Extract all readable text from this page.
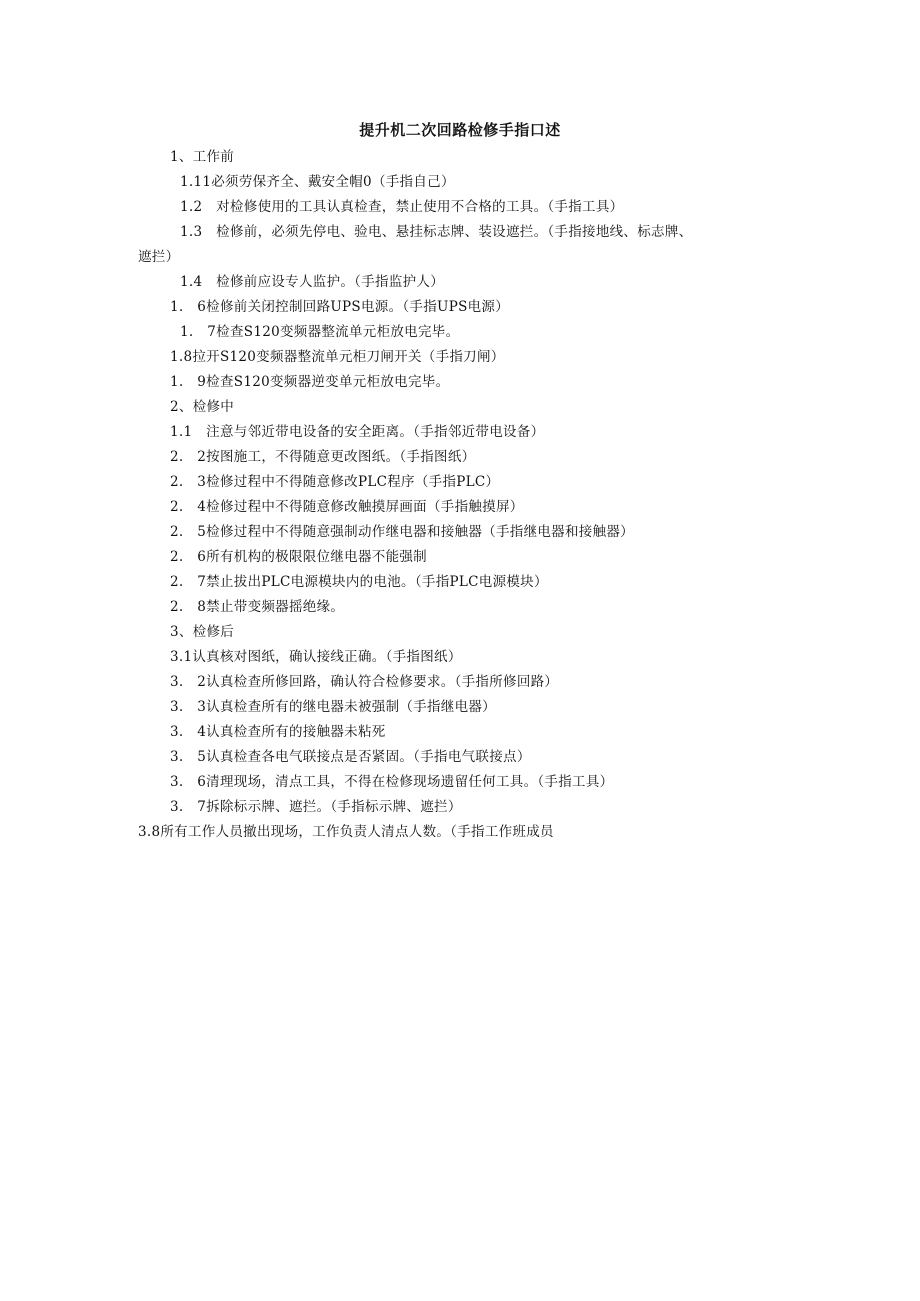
提升机二次回路检修手指口述
1、工作前
1.11必须劳保齐全、戴安全帽0（手指自己）
1.2　对检修使用的工具认真检查，禁止使用不合格的工具。（手指工具）
1.3　检修前，必须先停电、验电、悬挂标志牌、装设遮拦。（手指接地线、标志牌、
遮拦）
1.4　检修前应设专人监护。（手指监护人）
1.　6检修前关闭控制回路UPS电源。（手指UPS电源）
1.　7检查S120变频器整流单元柜放电完毕。
1.8拉开S120变频器整流单元柜刀闸开关（手指刀闸）
1.　9检查S120变频器逆变单元柜放电完毕。
2、检修中
1.1　注意与邻近带电设备的安全距离。（手指邻近带电设备）
2.　2按图施工，不得随意更改图纸。（手指图纸）
2.　3检修过程中不得随意修改PLC程序（手指PLC）
2.　4检修过程中不得随意修改触摸屏画面（手指触摸屏）
2.　5检修过程中不得随意强制动作继电器和接触器（手指继电器和接触器）
2.　6所有机构的极限限位继电器不能强制
2.　7禁止拔出PLC电源模块内的电池。（手指PLC电源模块）
2.　8禁止带变频器摇绝缘。
3、检修后
3.1认真核对图纸，确认接线正确。（手指图纸）
3.　2认真检查所修回路，确认符合检修要求。（手指所修回路）
3.　3认真检查所有的继电器未被强制（手指继电器）
3.　4认真检查所有的接触器未粘死
3.　5认真检查各电气联接点是否紧固。（手指电气联接点）
3.　6清理现场，清点工具，不得在检修现场遗留任何工具。（手指工具）
3.　7拆除标示牌、遮拦。（手指标示牌、遮拦）
3.8所有工作人员撤出现场，工作负责人清点人数。（手指工作班成员
